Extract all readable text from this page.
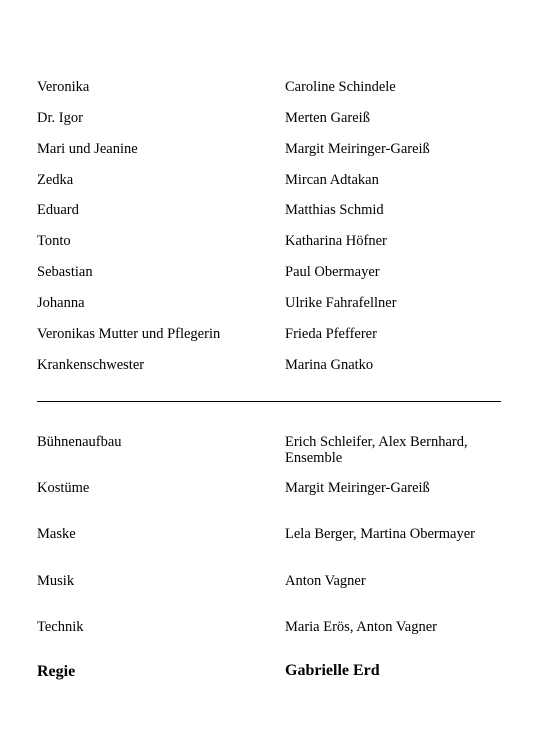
Veronika	Caroline Schindele
Dr. Igor	Merten Gareiß
Mari und Jeanine	Margit Meiringer-Gareiß
Zedka	Mircan Adtakan
Eduard	Matthias Schmid
Tonto	Katharina Höfner
Sebastian	Paul Obermayer
Johanna	Ulrike Fahrafellner
Veronikas Mutter und Pflegerin	Frieda Pfefferer
Krankenschwester	Marina Gnatko
Bühnenaufbau	Erich Schleifer, Alex Bernhard, Ensemble
Kostüme	Margit Meiringer-Gareiß
Maske	Lela Berger, Martina Obermayer
Musik	Anton Vagner
Technik	Maria Erös, Anton Vagner
Regie	Gabrielle Erd
